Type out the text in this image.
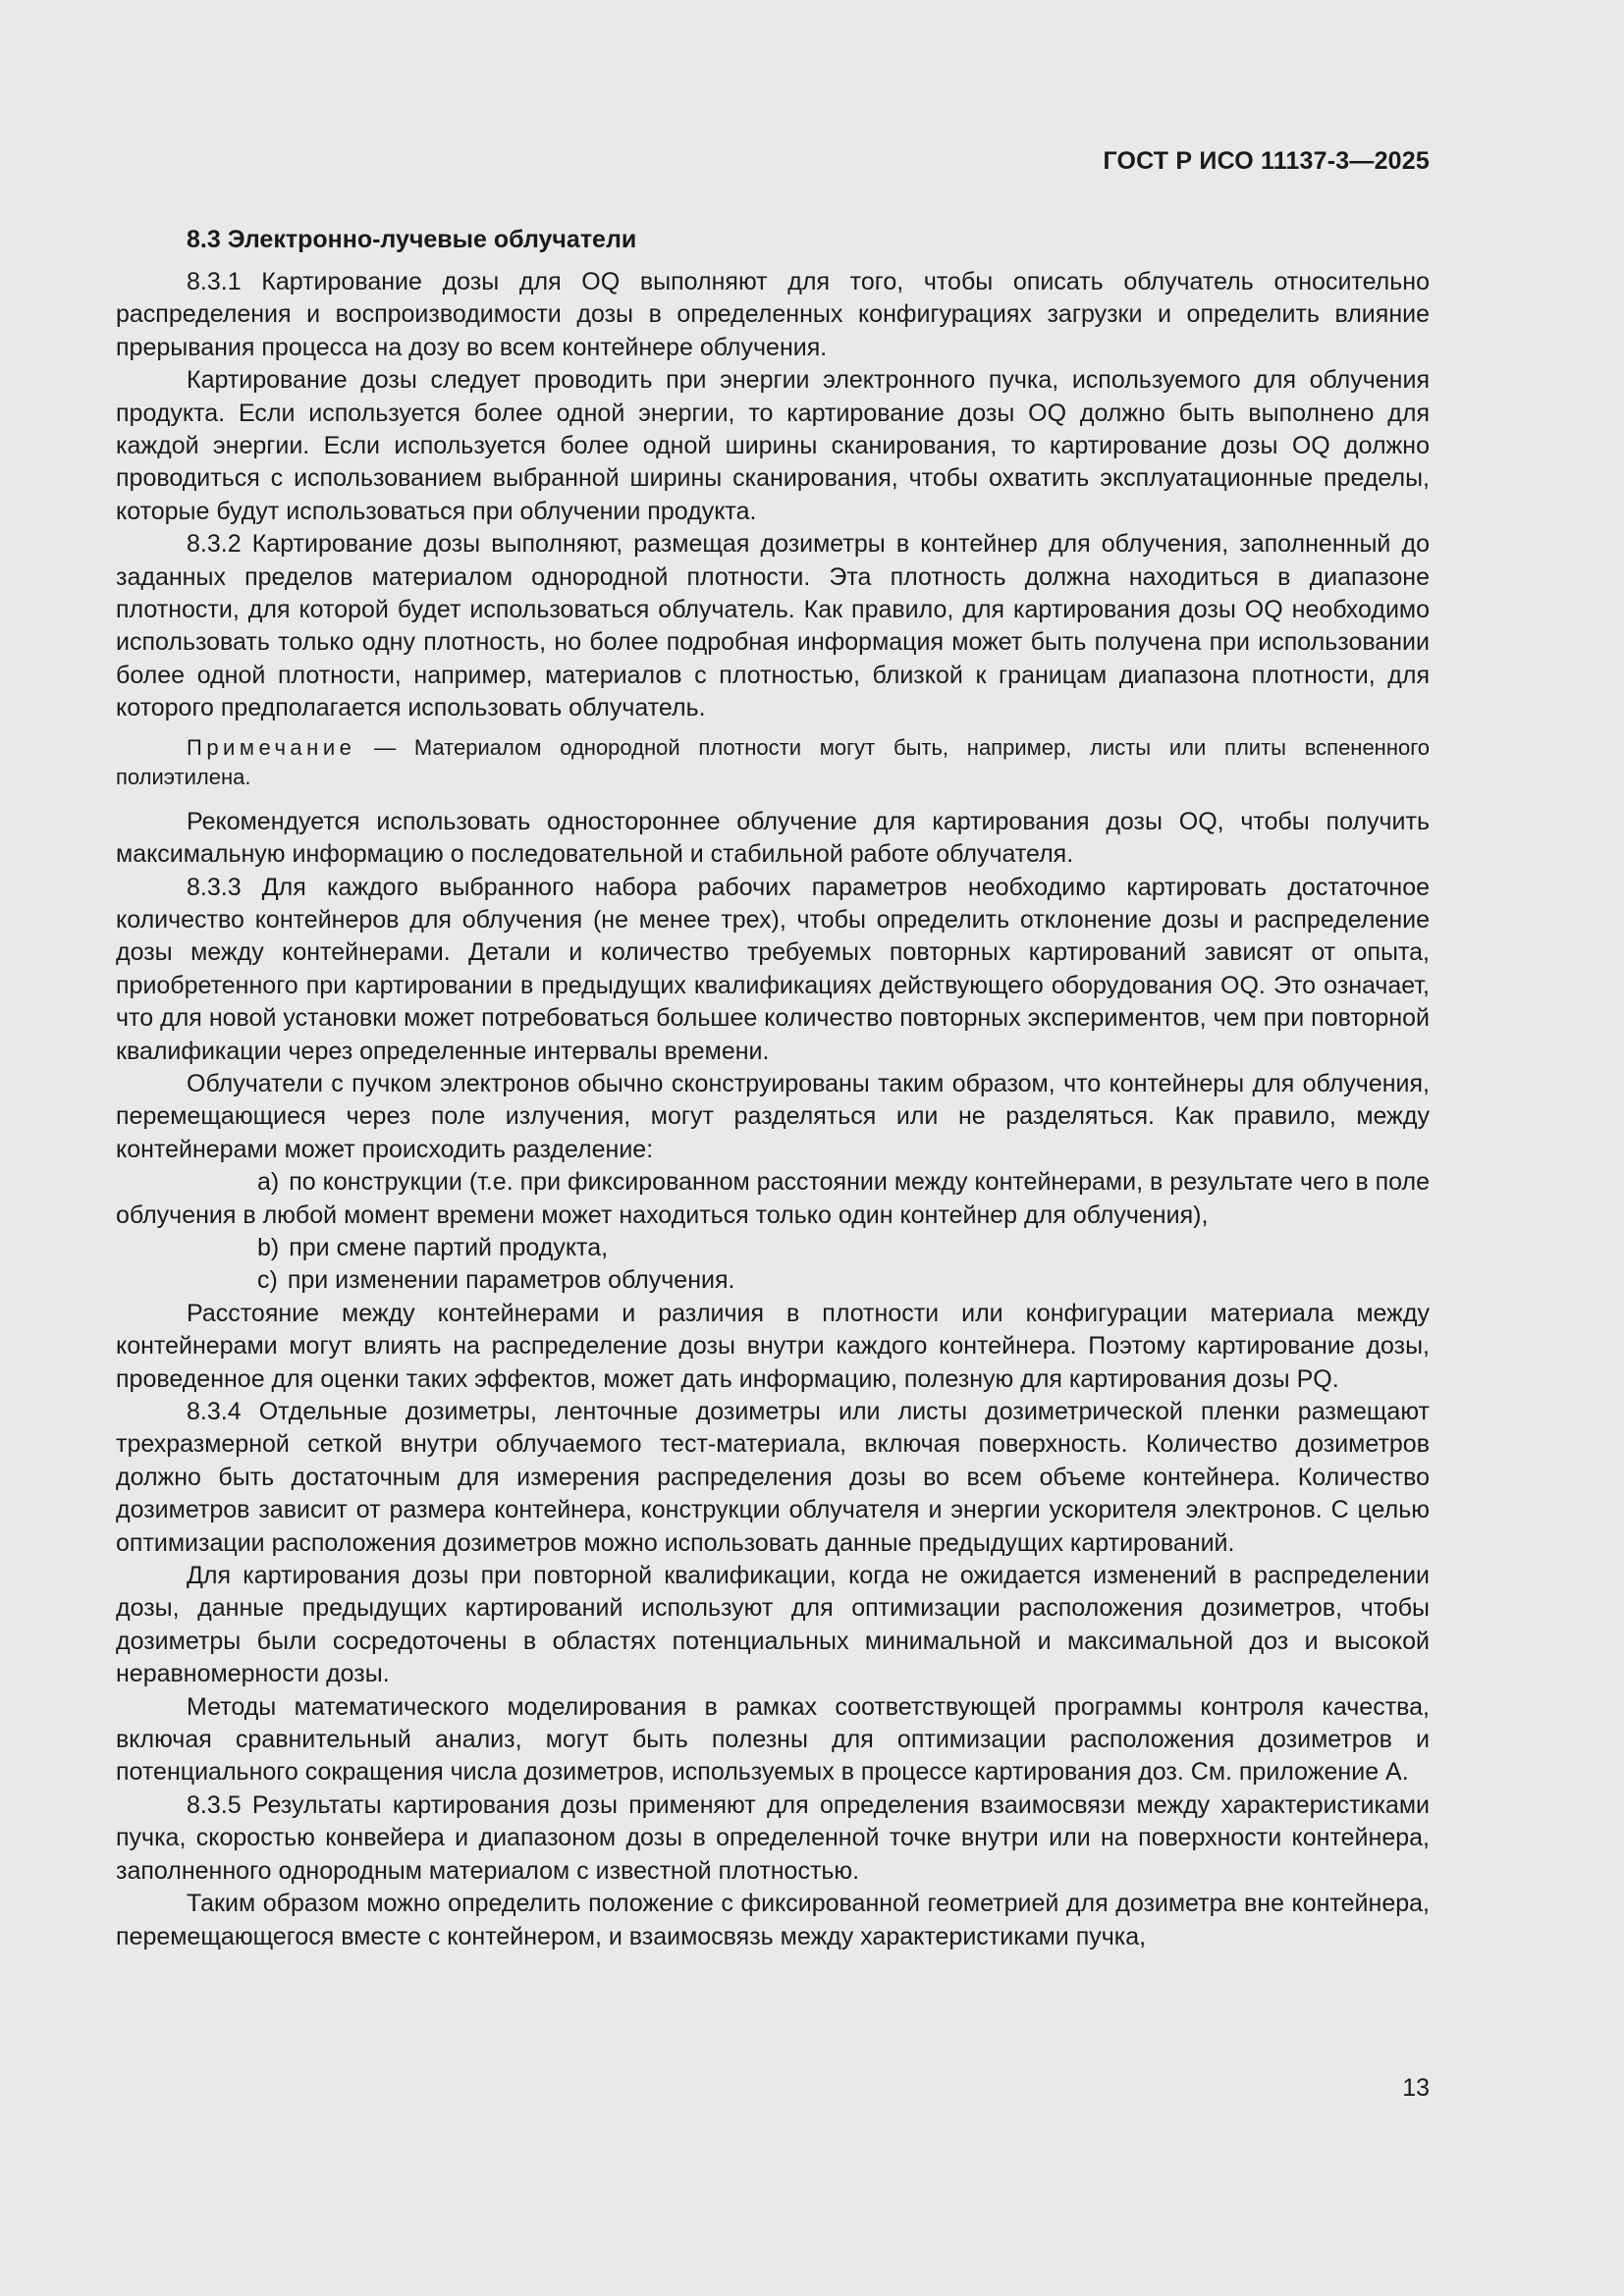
ГОСТ Р ИСО 11137-3—2025
8.3 Электронно-лучевые облучатели

8.3.1 Картирование дозы для OQ выполняют для того, чтобы описать облучатель относительно распределения и воспроизводимости дозы в определенных конфигурациях загрузки и определить влияние прерывания процесса на дозу во всем контейнере облучения.

Картирование дозы следует проводить при энергии электронного пучка, используемого для облучения продукта. Если используется более одной энергии, то картирование дозы OQ должно быть выполнено для каждой энергии. Если используется более одной ширины сканирования, то картирование дозы OQ должно проводиться с использованием выбранной ширины сканирования, чтобы охватить эксплуатационные пределы, которые будут использоваться при облучении продукта.

8.3.2 Картирование дозы выполняют, размещая дозиметры в контейнер для облучения, заполненный до заданных пределов материалом однородной плотности. Эта плотность должна находиться в диапазоне плотности, для которой будет использоваться облучатель. Как правило, для картирования дозы OQ необходимо использовать только одну плотность, но более подробная информация может быть получена при использовании более одной плотности, например, материалов с плотностью, близкой к границам диапазона плотности, для которого предполагается использовать облучатель.

Примечание — Материалом однородной плотности могут быть, например, листы или плиты вспененного полиэтилена.

Рекомендуется использовать одностороннее облучение для картирования дозы OQ, чтобы получить максимальную информацию о последовательной и стабильной работе облучателя.

8.3.3 Для каждого выбранного набора рабочих параметров необходимо картировать достаточное количество контейнеров для облучения (не менее трех), чтобы определить отклонение дозы и распределение дозы между контейнерами. Детали и количество требуемых повторных картирований зависят от опыта, приобретенного при картировании в предыдущих квалификациях действующего оборудования OQ. Это означает, что для новой установки может потребоваться большее количество повторных экспериментов, чем при повторной квалификации через определенные интервалы времени.

Облучатели с пучком электронов обычно сконструированы таким образом, что контейнеры для облучения, перемещающиеся через поле излучения, могут разделяться или не разделяться. Как правило, между контейнерами может происходить разделение:

a) по конструкции (т.е. при фиксированном расстоянии между контейнерами, в результате чего в поле облучения в любой момент времени может находиться только один контейнер для облучения),

b) при смене партий продукта,

c) при изменении параметров облучения.

Расстояние между контейнерами и различия в плотности или конфигурации материала между контейнерами могут влиять на распределение дозы внутри каждого контейнера. Поэтому картирование дозы, проведенное для оценки таких эффектов, может дать информацию, полезную для картирования дозы PQ.

8.3.4 Отдельные дозиметры, ленточные дозиметры или листы дозиметрической пленки размещают трехразмерной сеткой внутри облучаемого тест-материала, включая поверхность. Количество дозиметров должно быть достаточным для измерения распределения дозы во всем объеме контейнера. Количество дозиметров зависит от размера контейнера, конструкции облучателя и энергии ускорителя электронов. С целью оптимизации расположения дозиметров можно использовать данные предыдущих картирований.

Для картирования дозы при повторной квалификации, когда не ожидается изменений в распределении дозы, данные предыдущих картирований используют для оптимизации расположения дозиметров, чтобы дозиметры были сосредоточены в областях потенциальных минимальной и максимальной доз и высокой неравномерности дозы.

Методы математического моделирования в рамках соответствующей программы контроля качества, включая сравнительный анализ, могут быть полезны для оптимизации расположения дозиметров и потенциального сокращения числа дозиметров, используемых в процессе картирования доз. См. приложение А.

8.3.5 Результаты картирования дозы применяют для определения взаимосвязи между характеристиками пучка, скоростью конвейера и диапазоном дозы в определенной точке внутри или на поверхности контейнера, заполненного однородным материалом с известной плотностью.

Таким образом можно определить положение с фиксированной геометрией для дозиметра вне контейнера, перемещающегося вместе с контейнером, и взаимосвязь между характеристиками пучка,

13
